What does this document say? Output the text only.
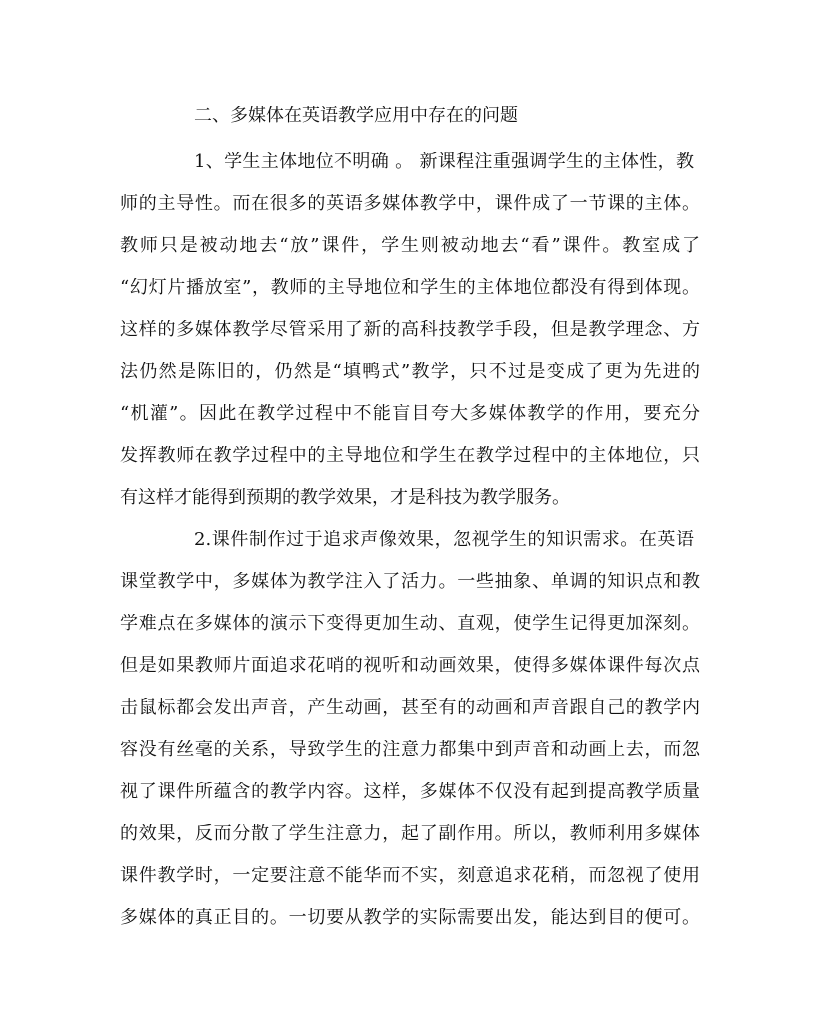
二、多媒体在英语教学应用中存在的问题
1、学生主体地位不明确 。 新课程注重强调学生的主体性，教
师的主导性。而在很多的英语多媒体教学中，课件成了一节课的主体。
教师只是被动地去“放”课件，学生则被动地去“看”课件。教室成了
“幻灯片播放室”，教师的主导地位和学生的主体地位都没有得到体现。
这样的多媒体教学尽管采用了新的高科技教学手段，但是教学理念、方
法仍然是陈旧的，仍然是“填鸭式”教学，只不过是变成了更为先进的
“机灌”。因此在教学过程中不能盲目夸大多媒体教学的作用，要充分
发挥教师在教学过程中的主导地位和学生在教学过程中的主体地位，只
有这样才能得到预期的教学效果，才是科技为教学服务。
2.课件制作过于追求声像效果，忽视学生的知识需求。在英语
课堂教学中，多媒体为教学注入了活力。一些抽象、单调的知识点和教
学难点在多媒体的演示下变得更加生动、直观，使学生记得更加深刻。
但是如果教师片面追求花哨的视听和动画效果，使得多媒体课件每次点
击鼠标都会发出声音，产生动画，甚至有的动画和声音跟自己的教学内
容没有丝毫的关系，导致学生的注意力都集中到声音和动画上去，而忽
视了课件所蕴含的教学内容。这样，多媒体不仅没有起到提高教学质量
的效果，反而分散了学生注意力，起了副作用。所以，教师利用多媒体
课件教学时，一定要注意不能华而不实，刻意追求花稍，而忽视了使用
多媒体的真正目的。一切要从教学的实际需要出发，能达到目的便可。
